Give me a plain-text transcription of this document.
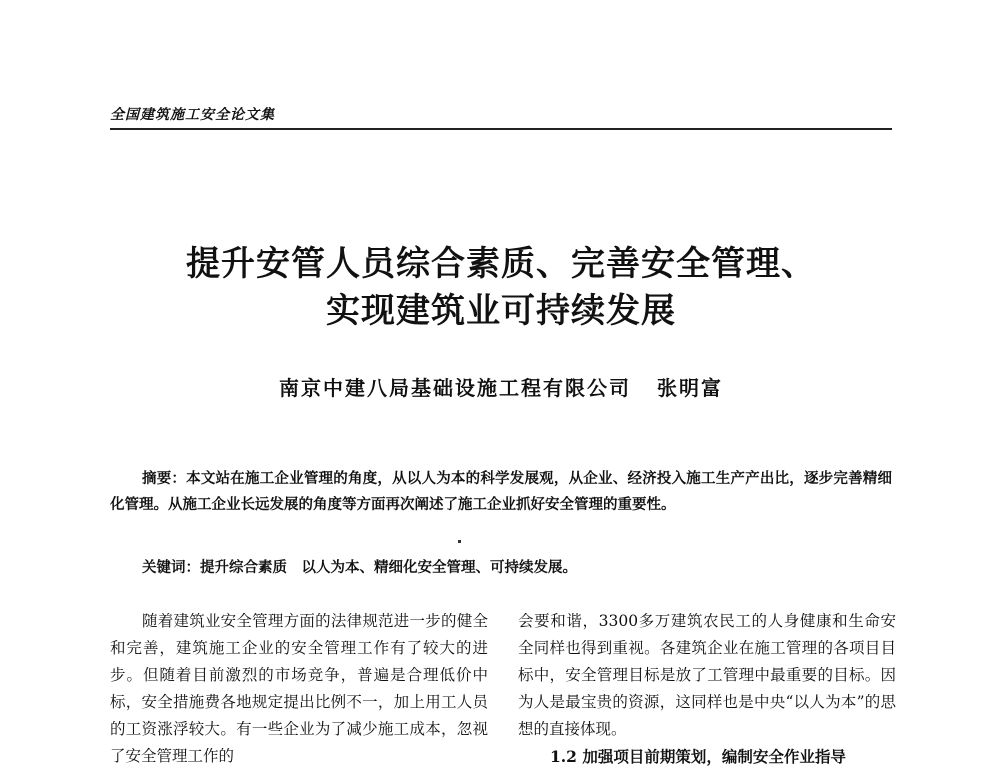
全国建筑施工安全论文集
提升安管人员综合素质、完善安全管理、
实现建筑业可持续发展
南京中建八局基础设施工程有限公司 张明富
摘要：本文站在施工企业管理的角度，从以人为本的科学发展观，从企业、经济投入施工生产产出比，逐步完善精细化管理。从施工企业长远发展的角度等方面再次阐述了施工企业抓好安全管理的重要性。
关键词：提升综合素质　以人为本、精细化安全管理、可持续发展。

随着建筑业安全管理方面的法律规范进一步的健全和完善，建筑施工企业的安全管理工作有了较大的进步。但随着目前激烈的市场竞争，普遍是合理低价中标，安全措施费各地规定提出比例不一，加上用工人员的工资涨浮较大。有一些企业为了减少施工成本，忽视了安全管理工作的

会要和谐，3300多万建筑农民工的人身健康和生命安全同样也得到重视。各建筑企业在施工管理的各项目目标中，安全管理目标是放了工管理中最重要的目标。因为人是最宝贵的资源，这同样也是中央“以人为本”的思想的直接体现。

1.2 加强项目前期策划，编制安全作业指导
